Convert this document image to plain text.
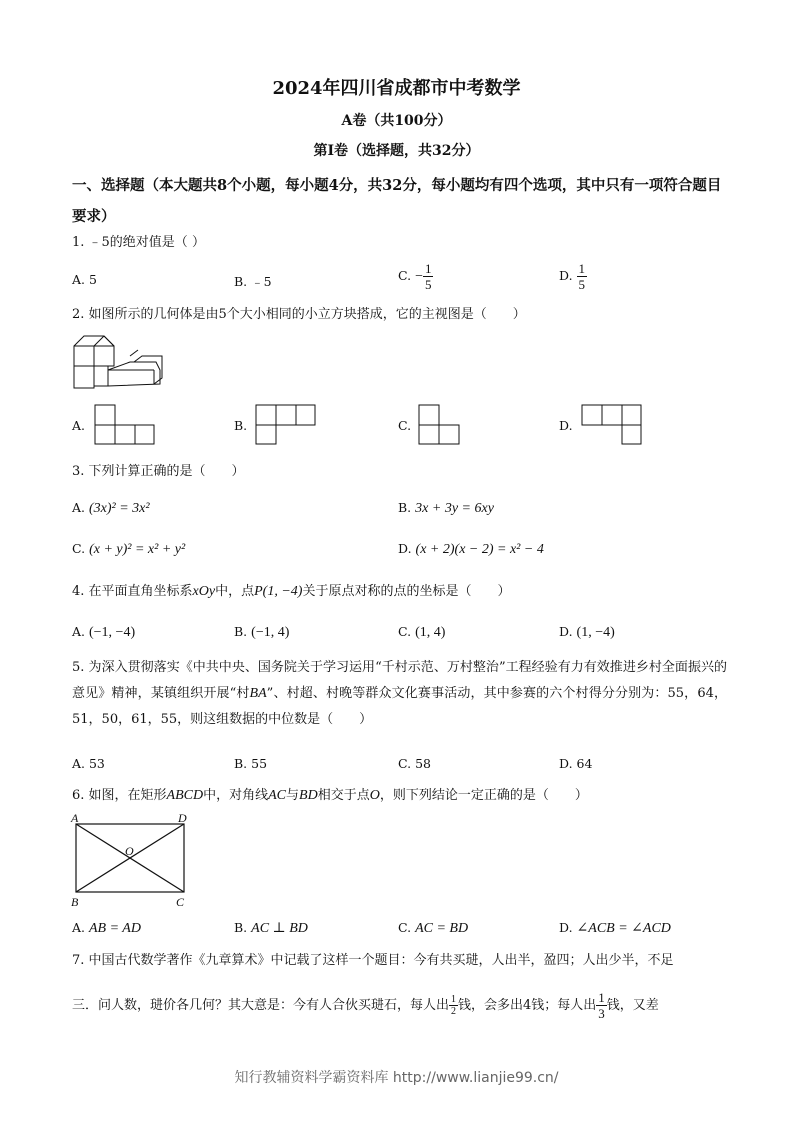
2024年四川省成都市中考数学
A卷（共100分）
第I卷（选择题，共32分）
一、选择题（本大题共8个小题，每小题4分，共32分，每小题均有四个选项，其中只有一项符合题目要求）
1. ﹣5的绝对值是（ ）
A. 5	B. ﹣5	C. − $\frac{1}{5}$	D. $\frac{1}{5}$
2. 如图所示的几何体是由5个大小相同的小立方块搭成，它的主视图是（　　）
A.	B.	C.	D.
3. 下列计算正确的是（　　）
A. (3x)² = 3x²	B. 3x + 3y = 6xy
C. (x + y)² = x² + y²	D. (x + 2)(x − 2) = x² − 4
4. 在平面直角坐标系xOy中，点P(1, −4)关于原点对称的点的坐标是（　　）
A. (−1, −4)	B. (−1, 4)	C. (1, 4)	D. (1, −4)
5. 为深入贯彻落实《中共中央、国务院关于学习运用“千村示范、万村整治”工程经验有力有效推进乡村全面振兴的意见》精神，某镇组织开展“村BA”、村超、村晚等群众文化赛事活动，其中参赛的六个村得分分别为：55，64，51，50，61，55，则这组数据的中位数是（　　）
A. 53	B. 55	C. 58	D. 64
6. 如图，在矩形ABCD中，对角线AC与BD相交于点O，则下列结论一定正确的是（　　）
A	D
B	C
O
A. AB = AD	B. AC ⊥ BD	C. AC = BD	D. ∠ACB = ∠ACD
7. 中国古代数学著作《九章算术》中记载了这样一个题目：今有共买琎，人出半，盈四；人出少半，不足
三．问人数，琎价各几何？其大意是：今有人合伙买琎石，每人出 $\frac{1}{2}$ 钱，会多出4钱；每人出 $\frac{1}{3}$ 钱，又差
知行教辅资料学霸资料库 http://www.lianjie99.cn/
